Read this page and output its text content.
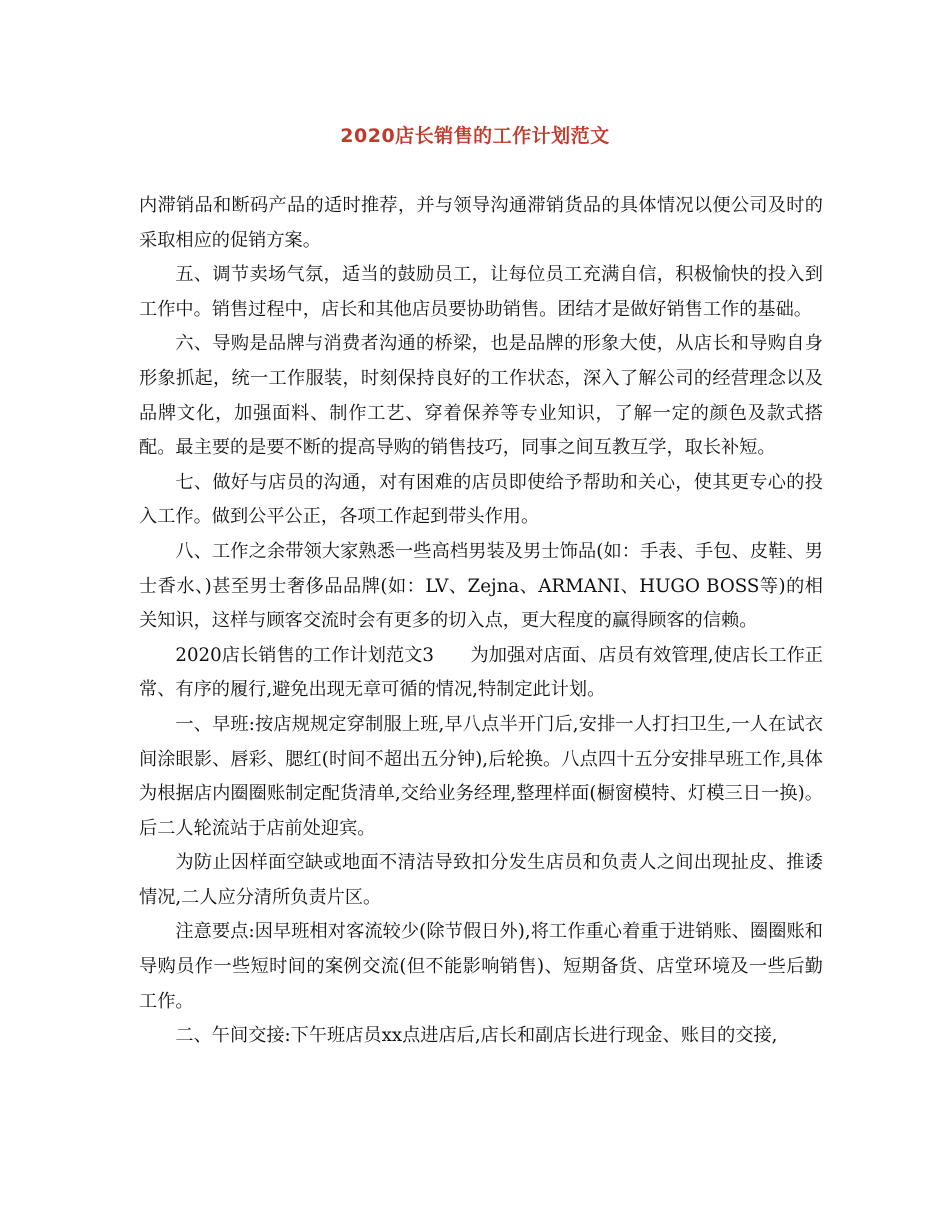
2020店长销售的工作计划范文

内滞销品和断码产品的适时推荐，并与领导沟通滞销货品的具体情况以便公司及时的采取相应的促销方案。

五、调节卖场气氛，适当的鼓励员工，让每位员工充满自信，积极愉快的投入到工作中。销售过程中，店长和其他店员要协助销售。团结才是做好销售工作的基础。

六、导购是品牌与消费者沟通的桥梁，也是品牌的形象大使，从店长和导购自身形象抓起，统一工作服装，时刻保持良好的工作状态，深入了解公司的经营理念以及品牌文化，加强面料、制作工艺、穿着保养等专业知识，了解一定的颜色及款式搭配。最主要的是要不断的提高导购的销售技巧，同事之间互教互学，取长补短。

七、做好与店员的沟通，对有困难的店员即使给予帮助和关心，使其更专心的投入工作。做到公平公正，各项工作起到带头作用。

八、工作之余带领大家熟悉一些高档男装及男士饰品(如：手表、手包、皮鞋、男士香水、)甚至男士奢侈品品牌(如：LV、Zejna、ARMANI、HUGO BOSS等)的相关知识，这样与顾客交流时会有更多的切入点，更大程度的赢得顾客的信赖。

2020店长销售的工作计划范文3　　为加强对店面、店员有效管理,使店长工作正常、有序的履行,避免出现无章可循的情况,特制定此计划。

一、早班:按店规规定穿制服上班,早八点半开门后,安排一人打扫卫生,一人在试衣间涂眼影、唇彩、腮红(时间不超出五分钟),后轮换。八点四十五分安排早班工作,具体为根据店内圈圈账制定配货清单,交给业务经理,整理样面(橱窗模特、灯模三日一换)。后二人轮流站于店前处迎宾。

为防止因样面空缺或地面不清洁导致扣分发生店员和负责人之间出现扯皮、推诿情况,二人应分清所负责片区。

注意要点:因早班相对客流较少(除节假日外),将工作重心着重于进销账、圈圈账和导购员作一些短时间的案例交流(但不能影响销售)、短期备货、店堂环境及一些后勤工作。

二、午间交接:下午班店员xx点进店后,店长和副店长进行现金、账目的交接,
